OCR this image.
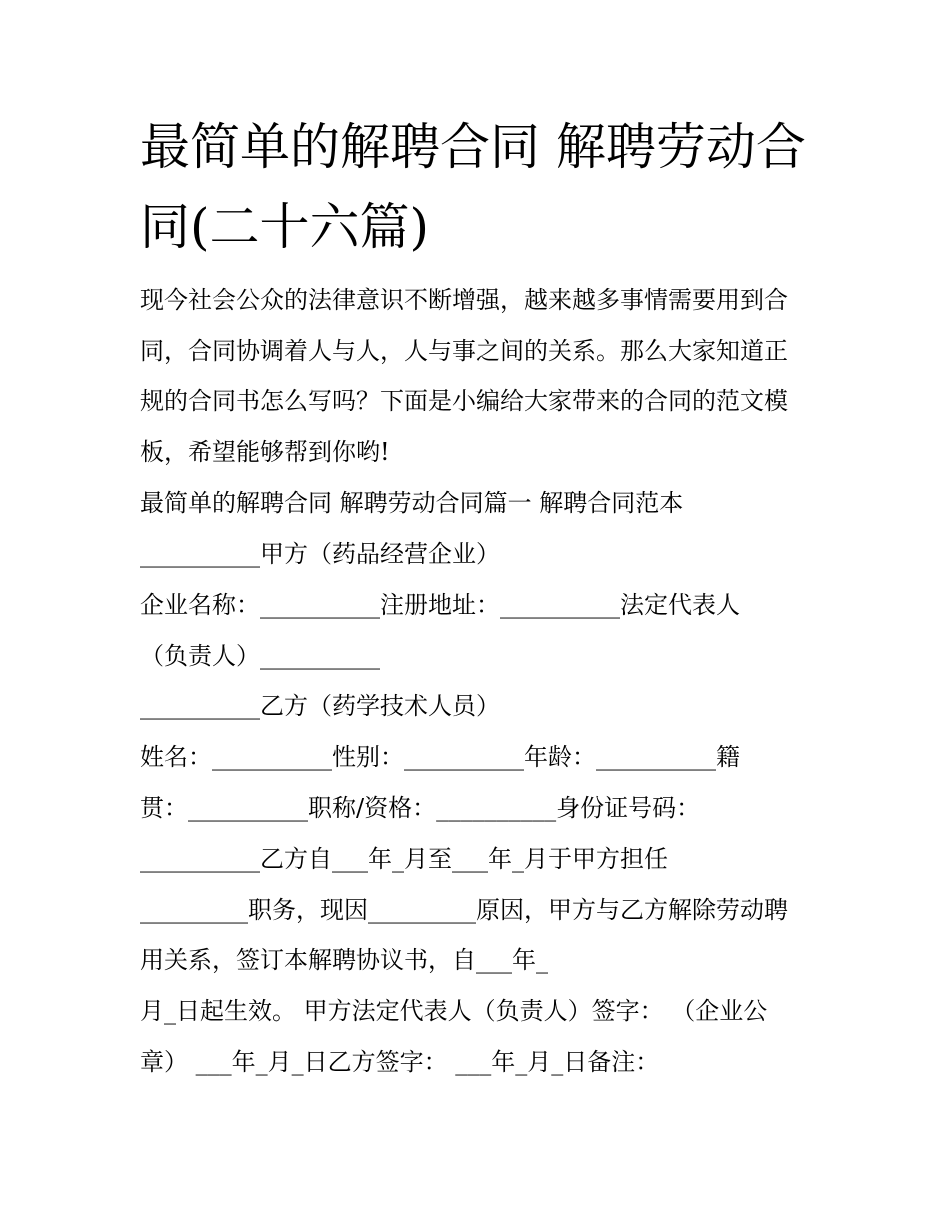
最简单的解聘合同 解聘劳动合
同(二十六篇)
现今社会公众的法律意识不断增强，越来越多事情需要用到合
同，合同协调着人与人，人与事之间的关系。那么大家知道正
规的合同书怎么写吗？下面是小编给大家带来的合同的范文模
板，希望能够帮到你哟!
最简单的解聘合同 解聘劳动合同篇一 解聘合同范本
__________甲方（药品经营企业）
企业名称：__________注册地址：__________法定代表人
（负责人）__________
__________乙方（药学技术人员）
姓名：__________性别：__________年龄：__________籍
贯：__________职称/资格：__________身份证号码：
__________乙方自___年_月至___年_月于甲方担任
_________职务，现因_________原因，甲方与乙方解除劳动聘
用关系，签订本解聘协议书，自___年_
月_日起生效。 甲方法定代表人（负责人）签字： （企业公
章） ___年_月_日乙方签字： ___年_月_日备注：
